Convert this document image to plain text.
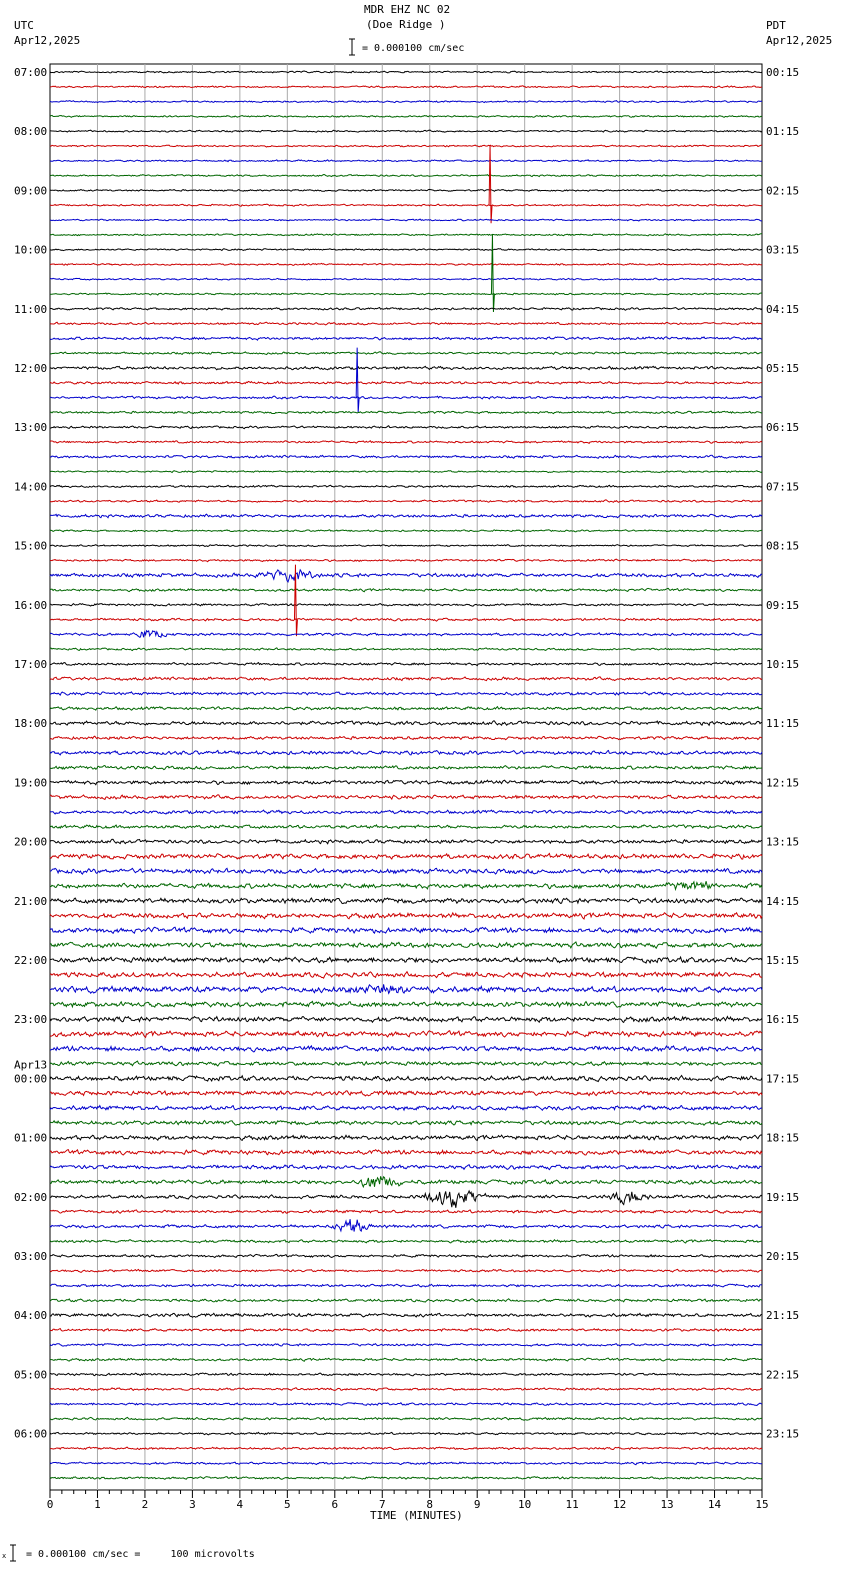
MDR EHZ NC 02
(Doe Ridge )
UTC
Apr12,2025
PDT
Apr12,2025
= 0.000100 cm/sec
0	1	2	3	4	5	6	7	8	9	10	11	12	13	14	15
07:00
08:00
09:00
10:00
11:00
12:00
13:00
14:00
15:00
16:00
17:00
18:00
19:00
20:00
21:00
22:00
23:00
00:00
Apr13
01:00
02:00
03:00
04:00
05:00
06:00
00:15
01:15
02:15
03:15
04:15
05:15
06:15
07:15
08:15
09:15
10:15
11:15
12:15
13:15
14:15
15:15
16:15
17:15
18:15
19:15
20:15
21:15
22:15
23:15
TIME (MINUTES)
x = 0.000100 cm/sec =     100 microvolts
